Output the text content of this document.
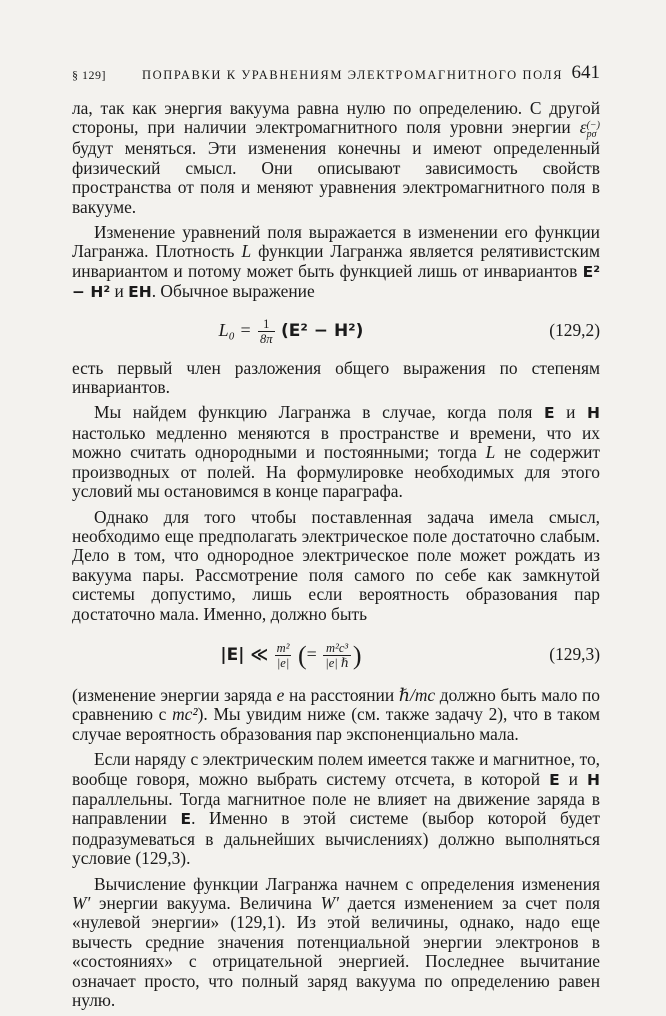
§ 129]	ПОПРАВКИ К УРАВНЕНИЯМ ЭЛЕКТРОМАГНИТНОГО ПОЛЯ 641

ла, так как энергия вакуума равна нулю по определению. С другой стороны, при наличии электромагнитного поля уровни энергии ε (−)
pσ
будут меняться. Эти изменения конечны и имеют определенный физический смысл. Они описывают зависимость свойств пространства от поля и меняют уравнения электромагнитного поля в вакууме.

Изменение уравнений поля выражается в изменении его функции Лагранжа. Плотность L функции Лагранжа является релятивистским инвариантом и потому может быть функцией лишь от инвариантов E² − H² и EH. Обычное выражение

$L_0 = \frac{1}{8\pi} (E^2 - H^2)$	(129,2)

есть первый член разложения общего выражения по степеням инвариантов.

Мы найдем функцию Лагранжа в случае, когда поля E и H настолько медленно меняются в пространстве и времени, что их можно считать однородными и постоянными; тогда L не содержит производных от полей. На формулировке необходимых для этого условий мы остановимся в конце параграфа.

Однако для того чтобы поставленная задача имела смысл, необходимо еще предполагать электрическое поле достаточно слабым. Дело в том, что однородное электрическое поле может рождать из вакуума пары. Рассмотрение поля самого по себе как замкнутой системы допустимо, лишь если вероятность образования пар достаточно мала. Именно, должно быть

|E| ≪ $\frac{\text{m²}}{|e|}$ (= $\frac{\text{m²c³}}{\text{|e| ℏ}}$ )	(129,3)

(изменение энергии заряда e на расстоянии ℏ/mc должно быть мало по сравнению с mc²). Мы увидим ниже (см. также задачу 2), что в таком случае вероятность образования пар экспоненциально мала.

Если наряду с электрическим полем имеется также и магнитное, то, вообще говоря, можно выбрать систему отсчета, в которой E и H параллельны. Тогда магнитное поле не влияет на движение заряда в направлении E. Именно в этой системе (выбор которой будет подразумеваться в дальнейших вычислениях) должно выполняться условие (129,3).

Вычисление функции Лагранжа начнем с определения изменения W′ энергии вакуума. Величина W′ дается изменением за счет поля «нулевой энергии» (129,1). Из этой величины, однако, надо еще вычесть средние значения потенциальной энергии электронов в «состояниях» с отрицательной энергией. Последнее вычитание означает просто, что полный заряд вакуума по определению равен нулю.
